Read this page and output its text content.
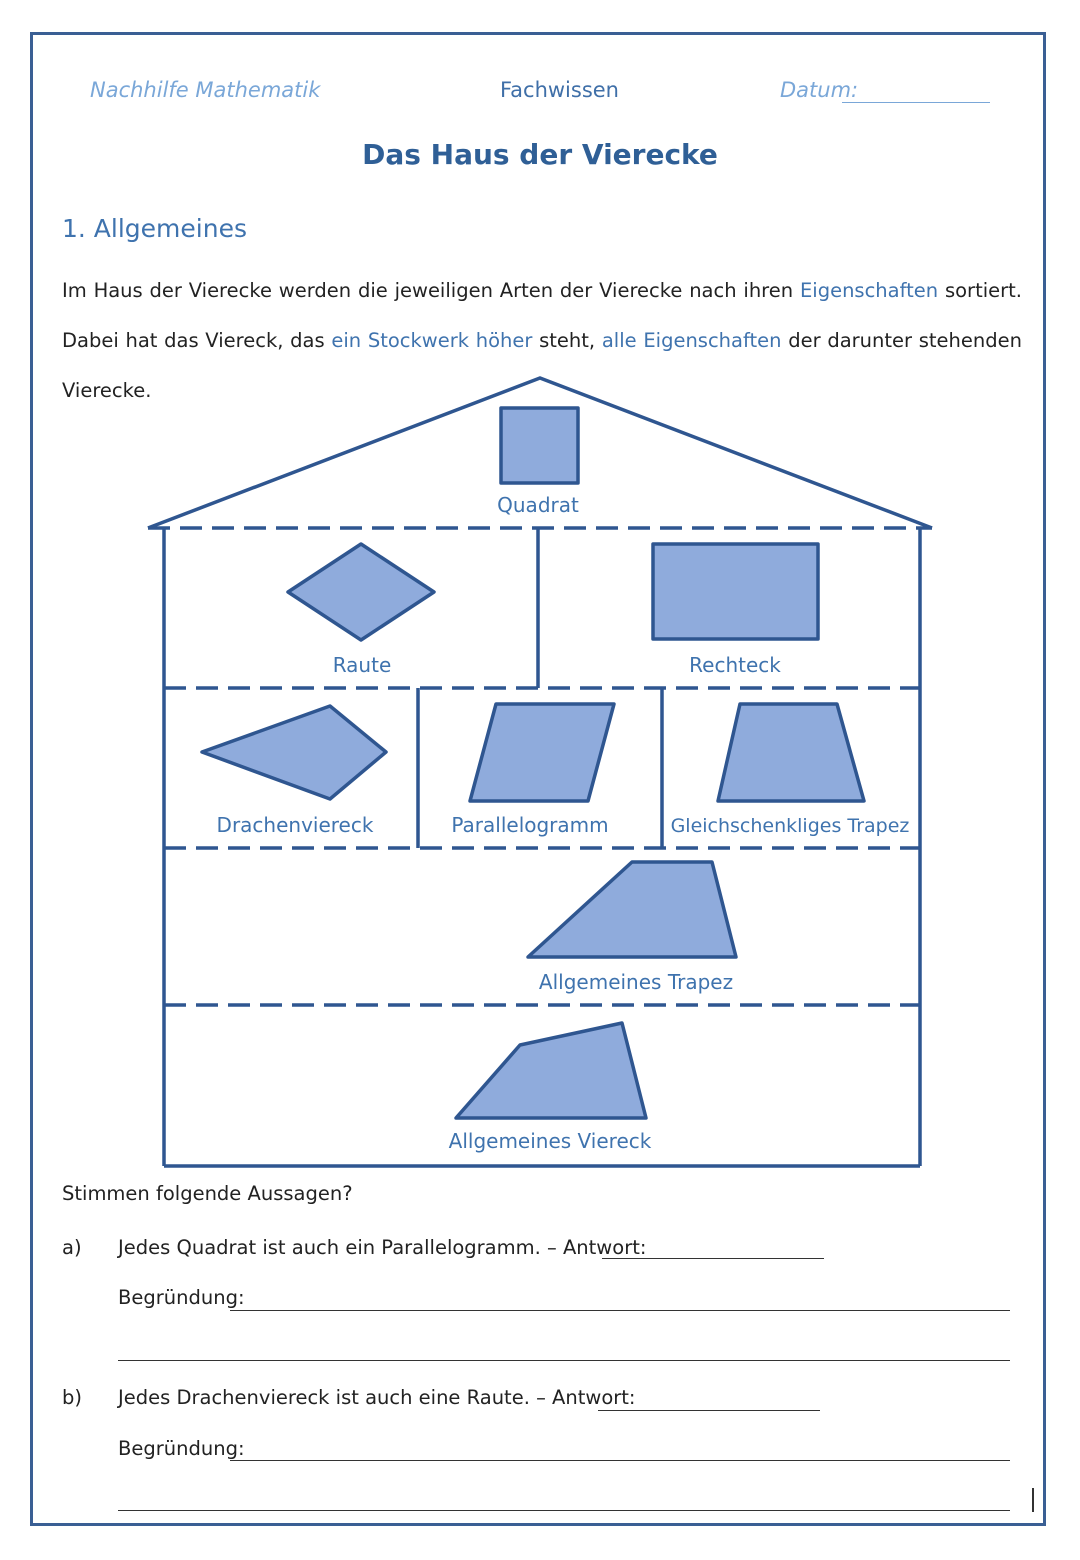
Nachhilfe Mathematik	Fachwissen	Datum:
Das Haus der Vierecke
1. Allgemeines
Im Haus der Vierecke werden die jeweiligen Arten der Vierecke nach ihren Eigenschaften sortiert. Dabei hat das Viereck, das ein Stockwerk höher steht, alle Eigenschaften der darunter stehenden Vierecke.
Quadrat
Raute	Rechteck
Drachenviereck	Parallelogramm	Gleichschenkliges Trapez
Allgemeines Trapez
Allgemeines Viereck
Stimmen folgende Aussagen?
a) Jedes Quadrat ist auch ein Parallelogramm. – Antwort:
Begründung:
b) Jedes Drachenviereck ist auch eine Raute. – Antwort:
Begründung:
